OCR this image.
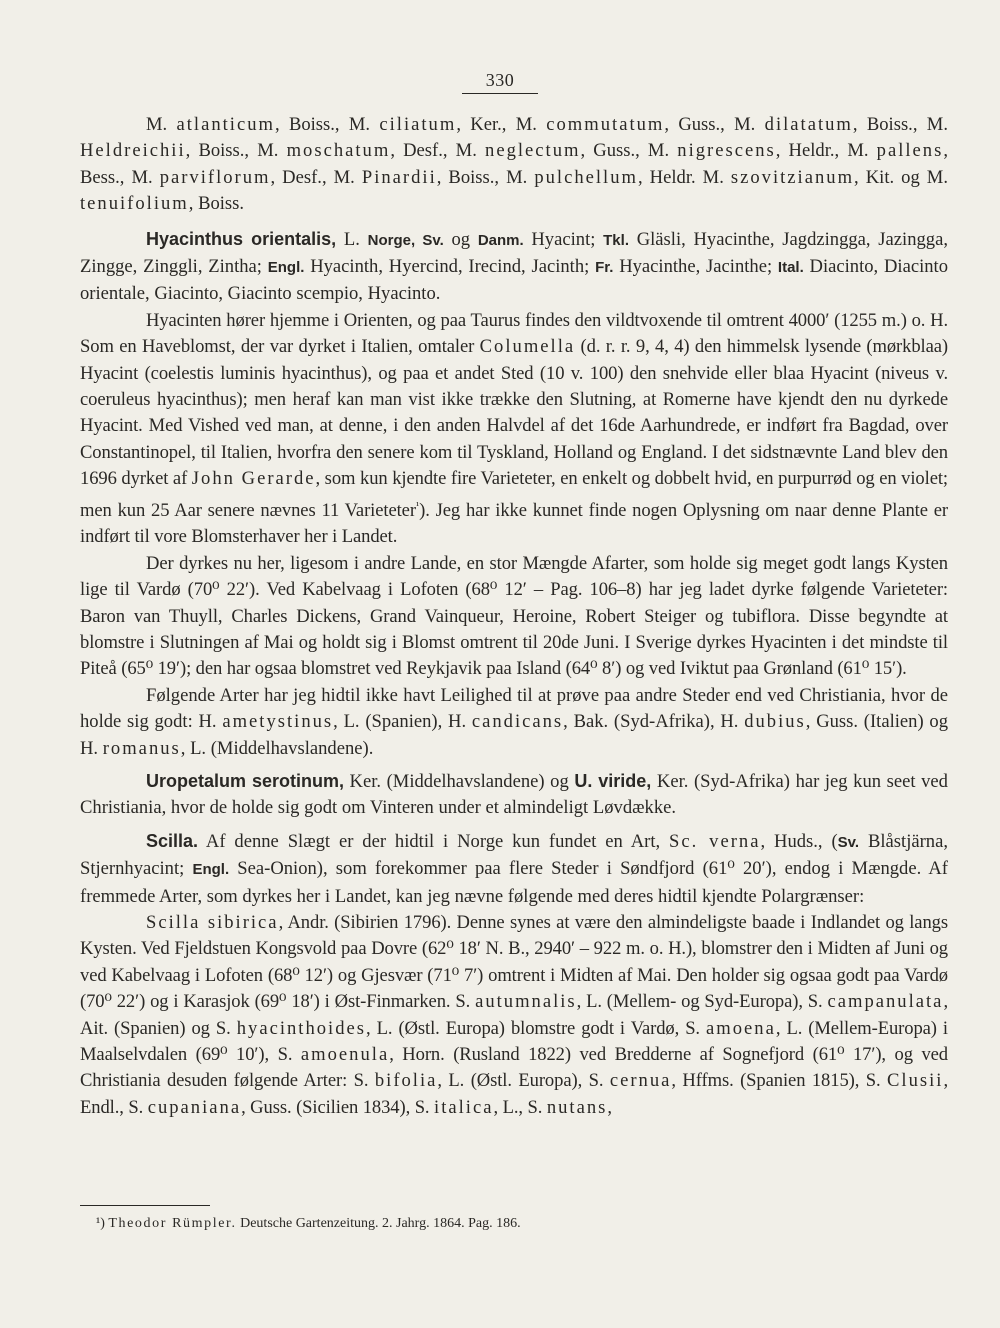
330

M. atlanticum, Boiss., M. ciliatum, Ker., M. commutatum, Guss., M. dilatatum, Boiss., M. Heldreichii, Boiss., M. moschatum, Desf., M. neglectum, Guss., M. nigrescens, Heldr., M. pallens, Bess., M. parviflorum, Desf., M. Pinardii, Boiss., M. pulchellum, Heldr. M. szovitzianum, Kit. og M. tenuifolium, Boiss.

Hyacinthus orientalis, L. Norge, Sv. og Danm. Hyacint; Tkl. Gläsli, Hyacinthe, Jagdzingga, Jazingga, Zingge, Zinggli, Zintha; Engl. Hyacinth, Hyercind, Irecind, Jacinth; Fr. Hyacinthe, Jacinthe; Ital. Diacinto, Diacinto orientale, Giacinto, Giacinto scempio, Hyacinto.

Hyacinten hører hjemme i Orienten, og paa Taurus findes den vildtvoxende til omtrent 4000′ (1255 m.) o. H. Som en Haveblomst, der var dyrket i Italien, omtaler Columella (d. r. r. 9, 4, 4) den himmelsk lysende (mørkblaa) Hyacint (coelestis luminis hyacinthus), og paa et andet Sted (10 v. 100) den snehvide eller blaa Hyacint (niveus v. coeruleus hyacinthus); men heraf kan man vist ikke trække den Slutning, at Romerne have kjendt den nu dyrkede Hyacint. Med Vished ved man, at denne, i den anden Halvdel af det 16de Aarhundrede, er indført fra Bagdad, over Constantinopel, til Italien, hvorfra den senere kom til Tyskland, Holland og England. I det sidstnævnte Land blev den 1696 dyrket af John Gerarde, som kun kjendte fire Varieteter, en enkelt og dobbelt hvid, en purpurrød og en violet; men kun 25 Aar senere nævnes 11 Varieteter$^{^1}$). Jeg har ikke kunnet finde nogen Oplysning om naar denne Plante er indført til vore Blomsterhaver her i Landet.

Der dyrkes nu her, ligesom i andre Lande, en stor Mængde Afarter, som holde sig meget godt langs Kysten lige til Vardø (70⁰ 22′). Ved Kabelvaag i Lofoten (68⁰ 12′ – Pag. 106–8) har jeg ladet dyrke følgende Varieteter: Baron van Thuyll, Charles Dickens, Grand Vainqueur, Heroine, Robert Steiger og tubiflora. Disse begyndte at blomstre i Slutningen af Mai og holdt sig i Blomst omtrent til 20de Juni. I Sverige dyrkes Hyacinten i det mindste til Piteå (65⁰ 19′); den har ogsaa blomstret ved Reykjavik paa Island (64⁰ 8′) og ved Iviktut paa Grønland (61⁰ 15′).

Følgende Arter har jeg hidtil ikke havt Leilighed til at prøve paa andre Steder end ved Christiania, hvor de holde sig godt: H. ametystinus, L. (Spanien), H. candicans, Bak. (Syd-Afrika), H. dubius, Guss. (Italien) og H. romanus, L. (Middelhavslandene).

Uropetalum serotinum, Ker. (Middelhavslandene) og U. viride, Ker. (Syd-Afrika) har jeg kun seet ved Christiania, hvor de holde sig godt om Vinteren under et almindeligt Løvdække.

Scilla. Af denne Slægt er der hidtil i Norge kun fundet en Art, Sc. verna, Huds., (Sv. Blåstjärna, Stjernhyacint; Engl. Sea-Onion), som forekommer paa flere Steder i Søndfjord (61⁰ 20′), endog i Mængde. Af fremmede Arter, som dyrkes her i Landet, kan jeg nævne følgende med deres hidtil kjendte Polargrænser:

Scilla sibirica, Andr. (Sibirien 1796). Denne synes at være den almindeligste baade i Indlandet og langs Kysten. Ved Fjeldstuen Kongsvold paa Dovre (62⁰ 18′ N. B., 2940′ – 922 m. o. H.), blomstrer den i Midten af Juni og ved Kabelvaag i Lofoten (68⁰ 12′) og Gjesvær (71⁰ 7′) omtrent i Midten af Mai. Den holder sig ogsaa godt paa Vardø (70⁰ 22′) og i Karasjok (69⁰ 18′) i Øst-Finmarken. S. autumnalis, L. (Mellem- og Syd-Europa), S. campanulata, Ait. (Spanien) og S. hyacinthoides, L. (Østl. Europa) blomstre godt i Vardø, S. amoena, L. (Mellem-Europa) i Maalselvdalen (69⁰ 10′), S. amoenula, Horn. (Rusland 1822) ved Bredderne af Sognefjord (61⁰ 17′), og ved Christiania desuden følgende Arter: S. bifolia, L. (Østl. Europa), S. cernua, Hffms. (Spanien 1815), S. Clusii, Endl., S. cupaniana, Guss. (Sicilien 1834), S. italica, L., S. nutans,

¹) Theodor Rümpler. Deutsche Gartenzeitung. 2. Jahrg. 1864. Pag. 186.
